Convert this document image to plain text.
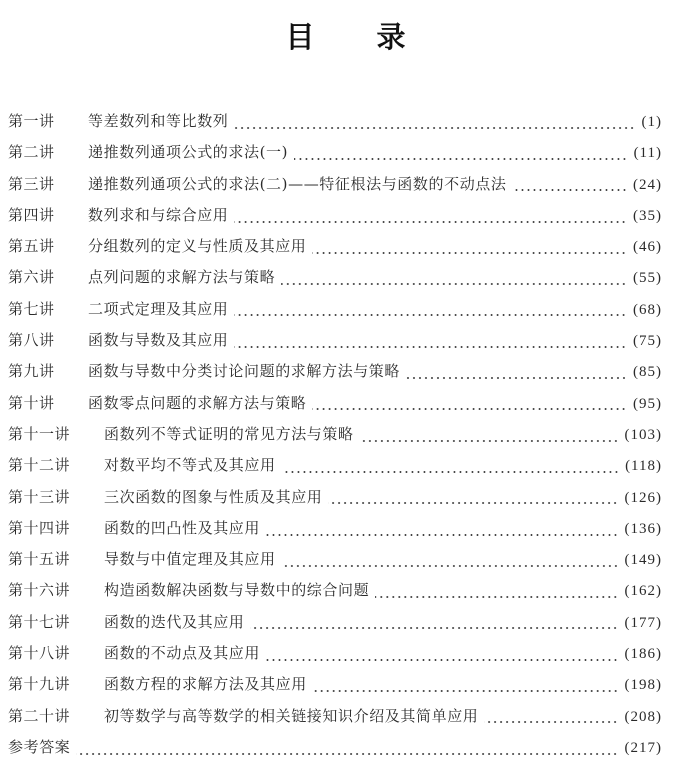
目 录
第一讲	等差数列和等比数列	(1)
第二讲	递推数列通项公式的求法(一)	(11)
第三讲	递推数列通项公式的求法(二)——特征根法与函数的不动点法	(24)
第四讲	数列求和与综合应用	(35)
第五讲	分组数列的定义与性质及其应用	(46)
第六讲	点列问题的求解方法与策略	(55)
第七讲	二项式定理及其应用	(68)
第八讲	函数与导数及其应用	(75)
第九讲	函数与导数中分类讨论问题的求解方法与策略	(85)
第十讲	函数零点问题的求解方法与策略	(95)
第十一讲	函数列不等式证明的常见方法与策略	(103)
第十二讲	对数平均不等式及其应用	(118)
第十三讲	三次函数的图象与性质及其应用	(126)
第十四讲	函数的凹凸性及其应用	(136)
第十五讲	导数与中值定理及其应用	(149)
第十六讲	构造函数解决函数与导数中的综合问题	(162)
第十七讲	函数的迭代及其应用	(177)
第十八讲	函数的不动点及其应用	(186)
第十九讲	函数方程的求解方法及其应用	(198)
第二十讲	初等数学与高等数学的相关链接知识介绍及其简单应用	(208)
参考答案	(217)
